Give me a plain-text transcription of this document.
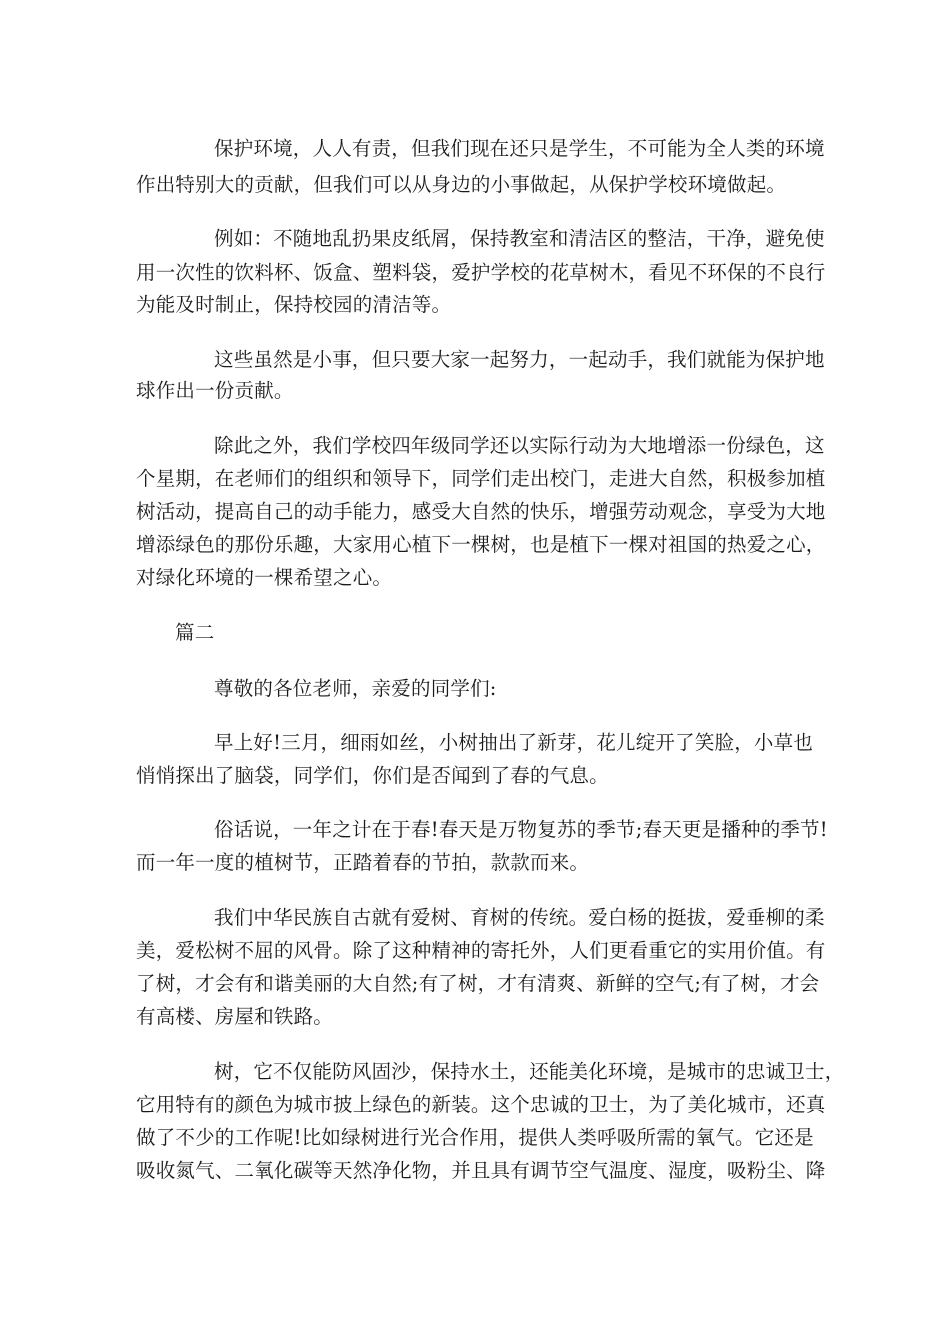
保护环境，人人有责，但我们现在还只是学生，不可能为全人类的环境
作出特别大的贡献，但我们可以从身边的小事做起，从保护学校环境做起。
例如：不随地乱扔果皮纸屑，保持教室和清洁区的整洁，干净，避免使
用一次性的饮料杯、饭盒、塑料袋，爱护学校的花草树木，看见不环保的不良行
为能及时制止，保持校园的清洁等。
这些虽然是小事，但只要大家一起努力，一起动手，我们就能为保护地
球作出一份贡献。
除此之外，我们学校四年级同学还以实际行动为大地增添一份绿色，这
个星期，在老师们的组织和领导下，同学们走出校门，走进大自然，积极参加植
树活动，提高自己的动手能力，感受大自然的快乐，增强劳动观念，享受为大地
增添绿色的那份乐趣，大家用心植下一棵树，也是植下一棵对祖国的热爱之心，
对绿化环境的一棵希望之心。
篇二
尊敬的各位老师，亲爱的同学们:
早上好!三月，细雨如丝，小树抽出了新芽，花儿绽开了笑脸，小草也
悄悄探出了脑袋，同学们，你们是否闻到了春的气息。
俗话说，一年之计在于春!春天是万物复苏的季节;春天更是播种的季节!
而一年一度的植树节，正踏着春的节拍，款款而来。
我们中华民族自古就有爱树、育树的传统。爱白杨的挺拔，爱垂柳的柔
美，爱松树不屈的风骨。除了这种精神的寄托外，人们更看重它的实用价值。有
了树，才会有和谐美丽的大自然;有了树，才有清爽、新鲜的空气;有了树，才会
有高楼、房屋和铁路。
树，它不仅能防风固沙，保持水土，还能美化环境，是城市的忠诚卫士，
它用特有的颜色为城市披上绿色的新装。这个忠诚的卫士，为了美化城市，还真
做了不少的工作呢!比如绿树进行光合作用，提供人类呼吸所需的氧气。它还是
吸收氮气、二氧化碳等天然净化物，并且具有调节空气温度、湿度，吸粉尘、降
